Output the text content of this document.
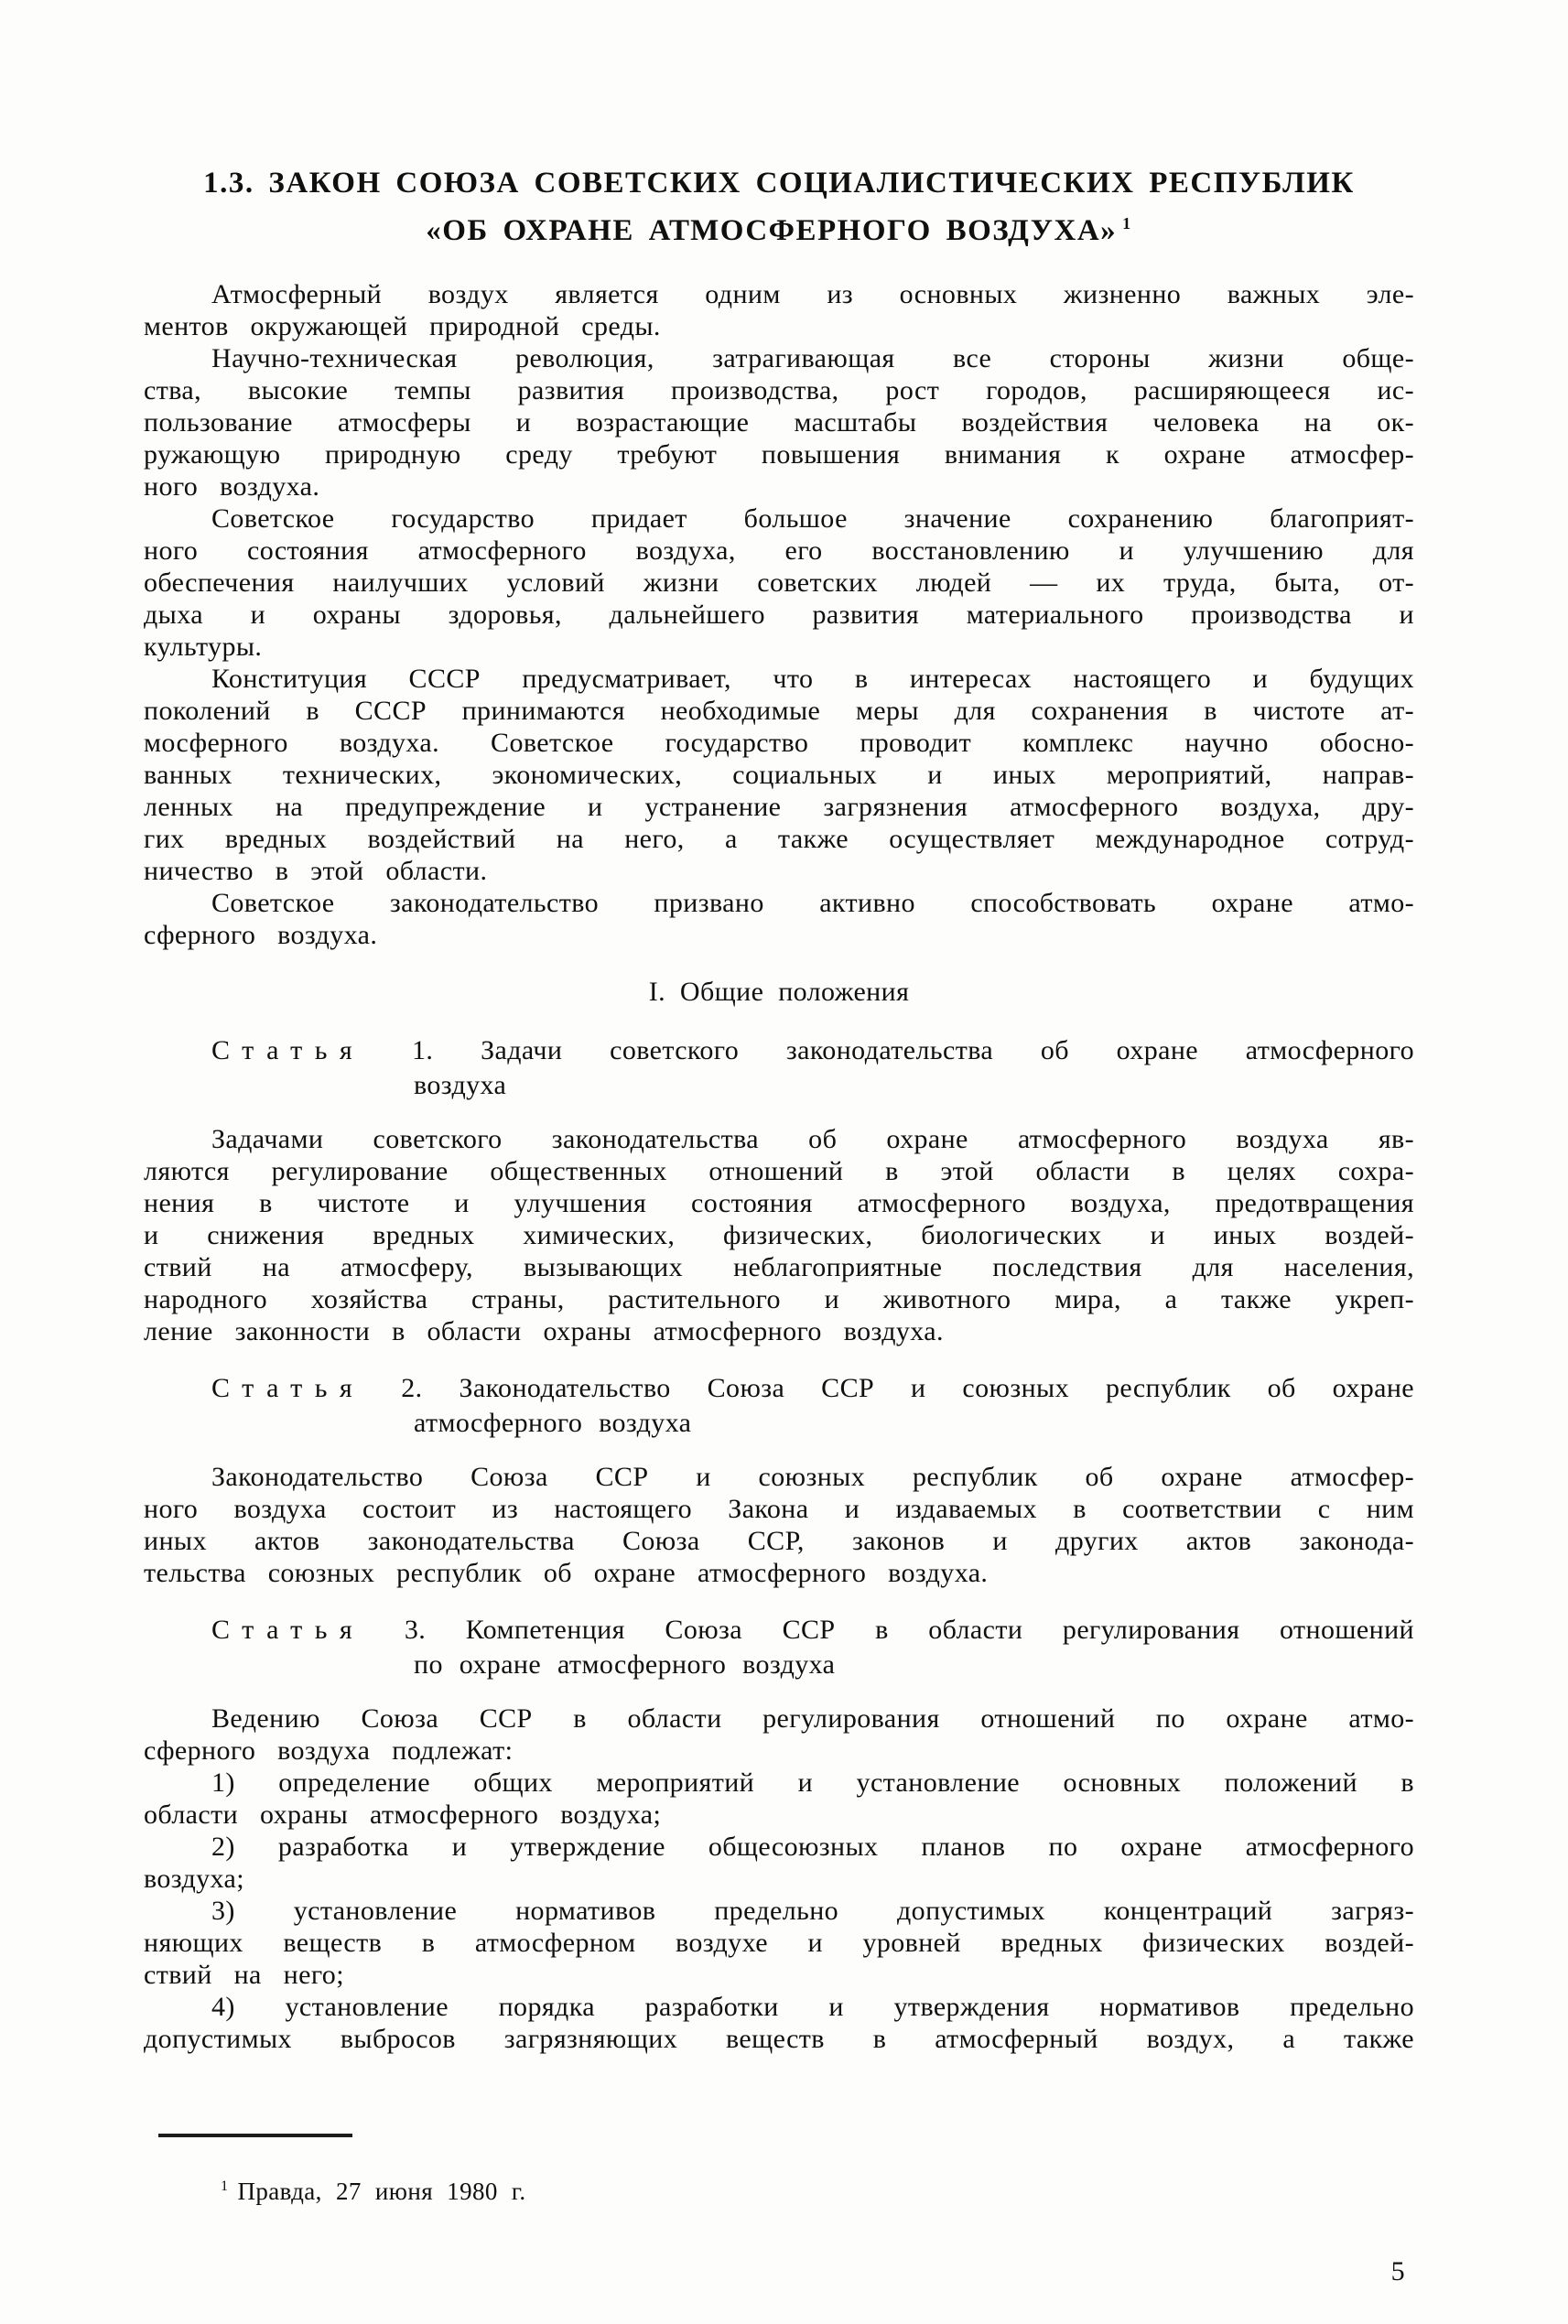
1.3. ЗАКОН СОЮЗА СОВЕТСКИХ СОЦИАЛИСТИЧЕСКИХ РЕСПУБЛИК
«ОБ ОХРАНЕ АТМОСФЕРНОГО ВОЗДУХА» $^1$
Атмосферный воздух является одним из основных жизненно важных эле-
ментов окружающей природной среды.
Научно-техническая революция, затрагивающая все стороны жизни обще-
ства, высокие темпы развития производства, рост городов, расширяющееся ис-
пользование атмосферы и возрастающие масштабы воздействия человека на ок-
ружающую природную среду требуют повышения внимания к охране атмосфер-
ного воздуха.
Советское государство придает большое значение сохранению благоприят-
ного состояния атмосферного воздуха, его восстановлению и улучшению для
обеспечения наилучших условий жизни советских людей — их труда, быта, от-
дыха и охраны здоровья, дальнейшего развития материального производства и
культуры.
Конституция СССР предусматривает, что в интересах настоящего и будущих
поколений в СССР принимаются необходимые меры для сохранения в чистоте ат-
мосферного воздуха. Советское государство проводит комплекс научно обосно-
ванных технических, экономических, социальных и иных мероприятий, направ-
ленных на предупреждение и устранение загрязнения атмосферного воздуха, дру-
гих вредных воздействий на него, а также осуществляет международное сотруд-
ничество в этой области.
Советское законодательство призвано активно способствовать охране атмо-
сферного воздуха.
I. Общие положения
Статья 1. Задачи советского законодательства об охране атмосферного
воздуха
Задачами советского законодательства об охране атмосферного воздуха яв-
ляются регулирование общественных отношений в этой области в целях сохра-
нения в чистоте и улучшения состояния атмосферного воздуха, предотвращения
и снижения вредных химических, физических, биологических и иных воздей-
ствий на атмосферу, вызывающих неблагоприятные последствия для населения,
народного хозяйства страны, растительного и животного мира, а также укреп-
ление законности в области охраны атмосферного воздуха.
Статья 2. Законодательство Союза ССР и союзных республик об охране
атмосферного воздуха
Законодательство Союза ССР и союзных республик об охране атмосфер-
ного воздуха состоит из настоящего Закона и издаваемых в соответствии с ним
иных актов законодательства Союза ССР, законов и других актов законода-
тельства союзных республик об охране атмосферного воздуха.
Статья 3. Компетенция Союза ССР в области регулирования отношений
по охране атмосферного воздуха
Ведению Союза ССР в области регулирования отношений по охране атмо-
сферного воздуха подлежат:
1) определение общих мероприятий и установление основных положений в
области охраны атмосферного воздуха;
2) разработка и утверждение общесоюзных планов по охране атмосферного
воздуха;
3) установление нормативов предельно допустимых концентраций загряз-
няющих веществ в атмосферном воздухе и уровней вредных физических воздей-
ствий на него;
4) установление порядка разработки и утверждения нормативов предельно
допустимых выбросов загрязняющих веществ в атмосферный воздух, а также
$^1$ Правда, 27 июня 1980 г.
5
